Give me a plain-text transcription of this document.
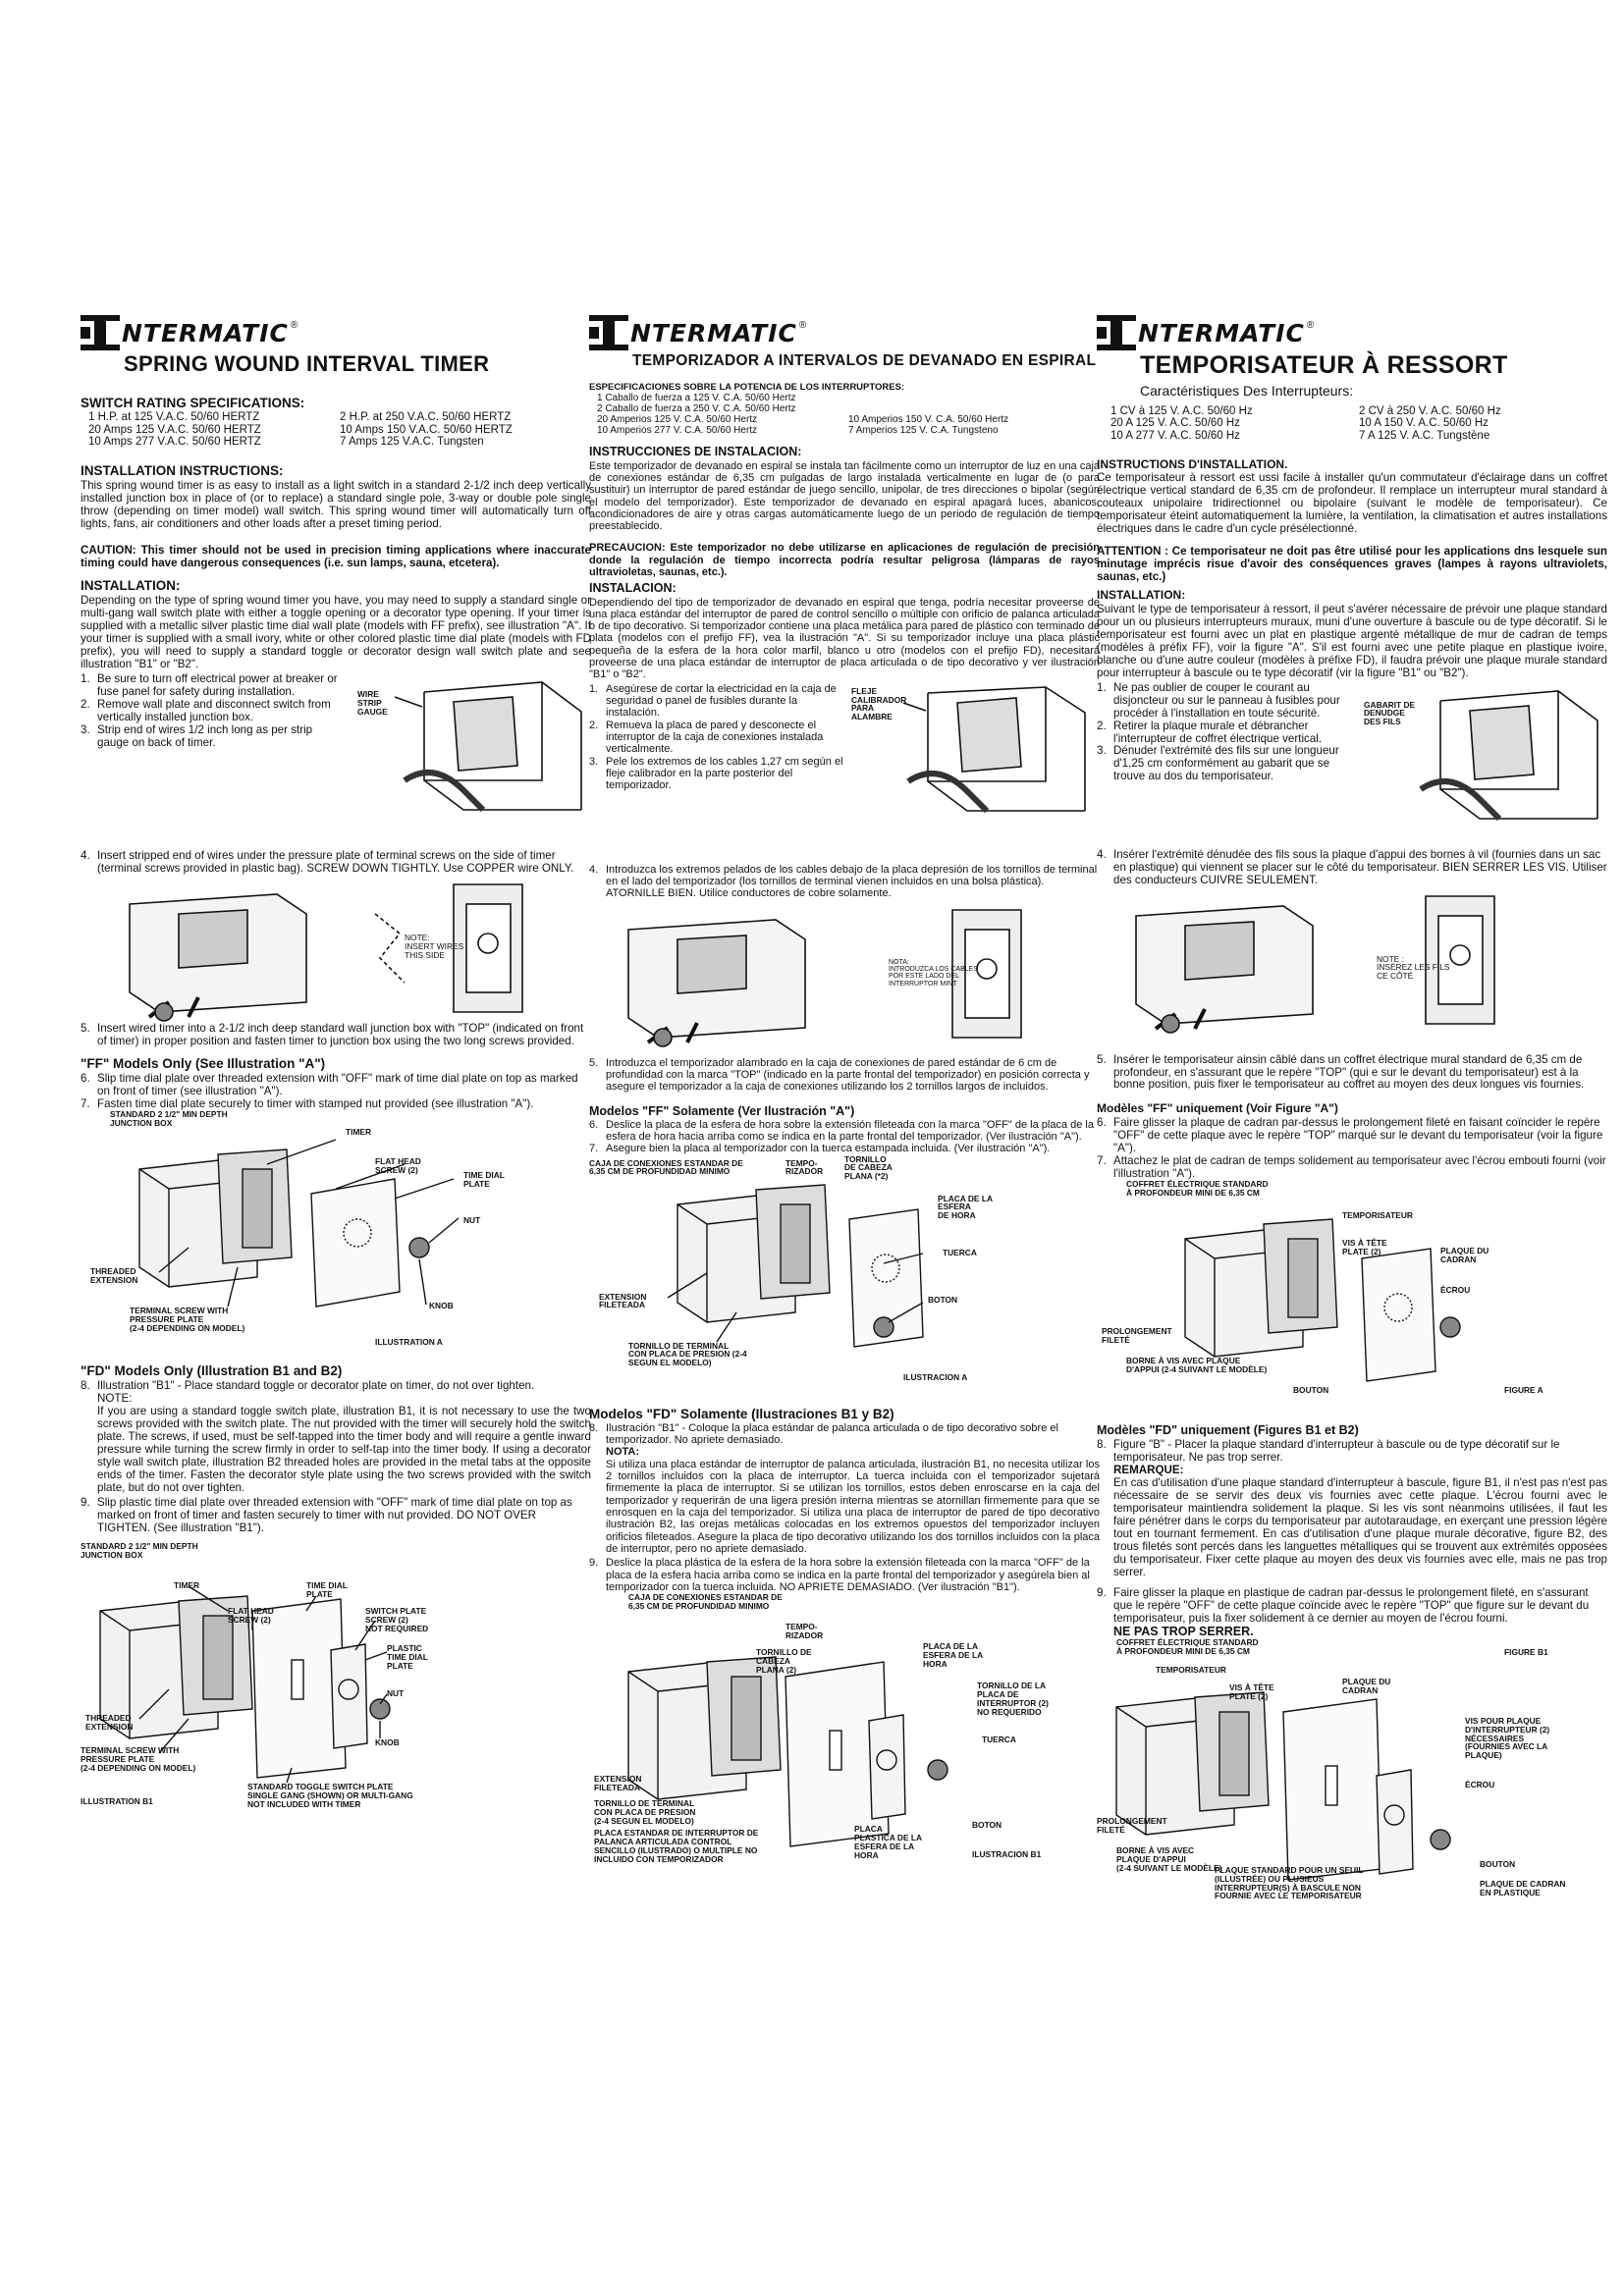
NTERMATIC ®
SPRING WOUND INTERVAL TIMER
SWITCH RATING SPECIFICATIONS:
1 H.P. at 125 V.A.C. 50/60 HERTZ	2 H.P. at 250 V.A.C. 50/60 HERTZ
20 Amps 125 V.A.C. 50/60 HERTZ	10 Amps 150 V.A.C. 50/60 HERTZ
10 Amps 277 V.A.C. 50/60 HERTZ	7 Amps 125 V.A.C. Tungsten
INSTALLATION INSTRUCTIONS:

This spring wound timer is as easy to install as a light switch in a standard 2-1/2 inch deep vertically installed junction box in place of (or to replace) a standard single pole, 3-way or double pole single throw (depending on timer model) wall switch. This spring wound timer will automatically turn off lights, fans, air conditioners and other loads after a preset timing period.

CAUTION: This timer should not be used in precision timing applications where inaccurate timing could have dangerous consequences (i.e. sun lamps, sauna, etcetera).

INSTALLATION:

Depending on the type of spring wound timer you have, you may need to supply a standard single or multi-gang wall switch plate with either a toggle opening or a decorator type opening. If your timer is supplied with a metallic silver plastic time dial wall plate (models with FF prefix), see illustration "A". If your timer is supplied with a small ivory, white or other colored plastic time dial plate (models with FD prefix), you will need to supply a standard toggle or decorator design wall switch plate and see illustration "B1" or "B2".

1. Be sure to turn off electrical power at breaker or fuse panel for safety during installation.
2. Remove wall plate and disconnect switch from vertically installed junction box.
3. Strip end of wires 1/2 inch long as per strip gauge on back of timer.
WIRE
STRIP
GAUGE
4. Insert stripped end of wires under the pressure plate of terminal screws on the side of timer (terminal screws provided in plastic bag). SCREW DOWN TIGHTLY. Use COPPER wire ONLY.
NOTE:
INSERT WIRES
THIS SIDE
5. Insert wired timer into a 2-1/2 inch deep standard wall junction box with "TOP" (indicated on front of timer) in proper position and fasten timer to junction box using the two long screws provided.
"FF" Models Only (See Illustration "A")
6. Slip time dial plate over threaded extension with "OFF" mark of time dial plate on top as marked on front of timer (see illustration "A").
7. Fasten time dial plate securely to timer with stamped nut provided (see illustration "A").
STANDARD 2 1/2" MIN DEPTH
JUNCTION BOX
TIMER
FLAT HEAD
SCREW (2)
TIME DIAL
PLATE
NUT
THREADED
EXTENSION
TERMINAL SCREW WITH
PRESSURE PLATE
(2-4 DEPENDING ON MODEL)
KNOB
ILLUSTRATION A
"FD" Models Only (Illustration B1 and B2)
8. Illustration "B1" - Place standard toggle or decorator plate on timer, do not over tighten.
NOTE:

If you are using a standard toggle switch plate, illustration B1, it is not necessary to use the two screws provided with the switch plate. The nut provided with the timer will securely hold the switch plate. The screws, if used, must be self-tapped into the timer body and will require a gentle inward pressure while turning the screw firmly in order to self-tap into the timer body. If using a decorator style wall switch plate, illustration B2 threaded holes are provided in the metal tabs at the opposite ends of the timer. Fasten the decorator style plate using the two screws provided with the switch plate, but do not over tighten.

9. Slip plastic time dial plate over threaded extension with "OFF" mark of time dial plate on top as marked on front of timer and fasten securely to timer with nut provided. DO NOT OVER TIGHTEN. (See illustration "B1").
STANDARD 2 1/2" MIN DEPTH
JUNCTION BOX
TIMER
FLAT HEAD
SCREW (2)
TIME DIAL
PLATE
SWITCH PLATE
SCREW (2)
NOT REQUIRED
PLASTIC
TIME DIAL
PLATE
NUT
THREADED
EXTENSION
TERMINAL SCREW WITH
PRESSURE PLATE
(2-4 DEPENDING ON MODEL)
KNOB
STANDARD TOGGLE SWITCH PLATE
SINGLE GANG (SHOWN) OR MULTI-GANG
NOT INCLUDED WITH TIMER
ILLUSTRATION B1
NTERMATIC ®
TEMPORIZADOR A INTERVALOS DE DEVANADO EN ESPIRAL
ESPECIFICACIONES SOBRE LA POTENCIA DE LOS INTERRUPTORES:
1 Caballo de fuerza a 125 V. C.A. 50/60 Hertz
2 Caballo de fuerza a 250 V. C.A. 50/60 Hertz
20 Amperios 125 V. C.A. 50/60 Hertz	10 Amperios 150 V. C.A. 50/60 Hertz
10 Amperios 277 V. C.A. 50/60 Hertz	7 Amperios 125 V. C.A. Tungsteno
INSTRUCCIONES DE INSTALACION:

Este temporizador de devanado en espiral se instala tan fácilmente como un interruptor de luz en una caja de conexiones estándar de 6,35 cm pulgadas de largo instalada verticalmente en lugar de (o para sustituir) un interruptor de pared estándar de juego sencillo, unipolar, de tres direcciones o bipolar (según el modelo del temporizador). Este temporizador de devanado en espiral apagará luces, abanicos, acondicionadores de aire y otras cargas automáticamente luego de un periodo de regulación de tiempo preestablecido.

PRECAUCION: Este temporizador no debe utilizarse en aplicaciones de regulación de precisión donde la regulación de tiempo incorrecta podría resultar peligrosa (lámparas de rayos ultravioletas, saunas, etc.).

INSTALACION:

Dependiendo del tipo de temporizador de devanado en espiral que tenga, podría necesitar proveerse de una placa estándar del interruptor de pared de control sencillo o múltiple con orificio de palanca articulada o de tipo decorativo. Si temporizador contiene una placa metálica para pared de plástico con terminado de plata (modelos con el prefijo FF), vea la ilustración "A". Si su temporizador incluye una placa plástic pequeña de la esfera de la hora color marfil, blanco u otro (modelos con el prefijo FD), necesitará proveerse de una placa estándar de interruptor de placa articulada o de tipo decorativo y ver ilustración "B1" o "B2".

1. Asegúrese de cortar la electricidad en la caja de seguridad o panel de fusibles durante la instalación.
2. Remueva la placa de pared y desconecte el interruptor de la caja de conexiones instalada verticalmente.
3. Pele los extremos de los cables 1,27 cm según el fleje calibrador en la parte posterior del temporizador.
FLEJE
CALIBRADOR
PARA
ALAMBRE
4. Introduzca los extremos pelados de los cables debajo de la placa depresión de los tornillos de terminal en el lado del temporizador (los tornillos de terminal vienen incluidos en una bolsa plástica). ATORNILLE BIEN. Utilice conductores de cobre solamente.
NOTA:
INTRODUZCA LOS CABLES
POR ESTE LADO DEL
INTERRUPTOR MINT
5. Introduzca el temporizador alambrado en la caja de conexiones de pared estándar de 6 cm de profundidad con la marca "TOP" (indicado en la parte frontal del temporizador) en posición correcta y asegure el temporizador a la caja de conexiones utilizando los 2 tornillos largos de incluidos.
Modelos "FF" Solamente (Ver Ilustración "A")
6. Deslice la placa de la esfera de hora sobre la extensión fileteada con la marca "OFF" de la placa de la esfera de hora hacia arriba como se indica en la parte frontal del temporizador. (Ver ilustración "A").
7. Asegure bien la placa al temporizador con la tuerca estampada incluida. (Ver ilustración "A").
CAJA DE CONEXIONES ESTANDAR DE
6,35 CM DE PROFUNDIDAD MINIMO
TEMPO-
RIZADOR
TORNILLO
DE CABEZA
PLANA (*2)
PLACA DE LA
ESFERA
DE HORA
TUERCA
EXTENSION
FILETEADA
TORNILLO DE TERMINAL
CON PLACA DE PRESION (2-4
SEGUN EL MODELO)
BOTON
ILUSTRACION A
Modelos "FD" Solamente (Ilustraciones B1 y B2)
8. Ilustración "B1" - Coloque la placa estándar de palanca articulada o de tipo decorativo sobre el temporizador. No apriete demasiado.
NOTA:

Si utiliza una placa estándar de interruptor de palanca articulada, ilustración B1, no necesita utilizar los 2 tornillos incluidos con la placa de interruptor. La tuerca incluida con el temporizador sujetará firmemente la placa de interruptor. Si se utilizan los tornillos, estos deben enroscarse en la caja del temporizador y requerirán de una ligera presión interna mientras se atornillan firmemente para que se enrosquen en la caja del temporizador. Si utiliza una placa de interruptor de pared de tipo decorativo ilustración B2, las orejas metálicas colocadas en los extremos opuestos del temporizador incluyen orificios fileteados. Asegure la placa de tipo decorativo utilizando los dos tornillos incluidos con la placa de interruptor, pero no apriete demasiado.

9. Deslice la placa plástica de la esfera de la hora sobre la extensión fileteada con la marca "OFF" de la placa de la esfera hacia arriba como se indica en la parte frontal del temporizador y asegúrela bien al temporizador con la tuerca incluida. NO APRIETE DEMASIADO. (Ver ilustración "B1").
CAJA DE CONEXIONES ESTANDAR DE
6,35 CM DE PROFUNDIDAD MINIMO
TEMPO-
RIZADOR
TORNILLO DE
CABEZA
PLANA (2)
PLACA DE LA
ESFERA DE LA
HORA
TORNILLO DE LA
PLACA DE
INTERRUPTOR (2)
NO REQUERIDO
TUERCA
EXTENSION
FILETEADA
TORNILLO DE TERMINAL
CON PLACA DE PRESION
(2-4 SEGUN EL MODELO)	BOTON
PLACA ESTANDAR DE INTERRUPTOR DE
PALANCA ARTICULADA CONTROL
SENCILLO (ILUSTRADO) O MULTIPLE NO
INCLUIDO CON TEMPORIZADOR
PLACA
PLASTICA DE LA
ESFERA DE LA
HORA	ILUSTRACION B1
NTERMATIC ®
TEMPORISATEUR À RESSORT
Caractéristiques Des Interrupteurs:
1 CV à 125 V. A.C. 50/60 Hz	2 CV à 250 V. A.C. 50/60 Hz
20 A 125 V. A.C. 50/60 Hz	10 A 150 V. A.C. 50/60 Hz
10 A 277 V. A.C. 50/60 Hz	7 A 125 V. A.C. Tungstène
INSTRUCTIONS D'INSTALLATION.

Ce temporisateur à ressort est ussi facile à installer qu'un commutateur d'éclairage dans un coffret électrique vertical standard de 6,35 cm de profondeur. Il remplace un interrupteur mural standard à couteaux unipolaire tridirectionnel ou bipolaire (suivant le modèle de temporisateur). Ce temporisateur éteint automatiquement la lumière, la ventilation, la climatisation et autres installations électriques dans le cadre d'un cycle présélectionné.

ATTENTION : Ce temporisateur ne doit pas être utilisé pour les applications dns lesquele sun minutage imprécis risue d'avoir des conséquences graves (lampes à rayons ultraviolets, saunas, etc.)

INSTALLATION:

Suivant le type de temporisateur à ressort, il peut s'avérer nécessaire de prévoir une plaque standard pour un ou plusieurs interrupteurs muraux, muni d'une ouverture à bascule ou de type décoratif. Si le temporisateur est fourni avec un plat en plastique argenté métallique de mur de cadran de temps (modèles à préfix FF), voir la figure "A". S'il est fourni avec une petite plaque en plastique ivoire, blanche ou d'une autre couleur (modèles à préfixe FD), il faudra prévoir une plaque murale standard pour interrupteur à bascule ou te type décoratif (vir la figure "B1" ou "B2").

1. Ne pas oublier de couper le courant au disjoncteur ou sur le panneau à fusibles pour procéder à l'installation en toute sécurité.
2. Retirer la plaque murale et débrancher l'interrupteur de coffret électrique vertical.
3. Dénuder l'extrémité des fils sur une longueur d'1,25 cm conformément au gabarit que se trouve au dos du temporisateur.
GABARIT DE
DENUDGE
DES FILS
4. Insérer l'extrémité dénudée des fils sous la plaque d'appui des bornes à vil (fournies dans un sac en plastique) qui viennent se placer sur le côté du temporisateur. BIEN SERRER LES VIS. Utiliser des conducteurs CUIVRE SEULEMENT.
NOTE :
INSÉREZ LES FILS
CE CÔTÉ
5. Insérer le temporisateur ainsin câblé dans un coffret électrique mural standard de 6,35 cm de profondeur, en s'assurant que le repère "TOP" (qui e sur le devant du temporisateur) est à la bonne position, puis fixer le temporisateur au coffret au moyen des deux longues vis fournies.
Modèles "FF" uniquement (Voir Figure "A")
6. Faire glisser la plaque de cadran par-dessus le prolongement fileté en faisant coïncider le repère "OFF" de cette plaque avec le repère "TOP" marqué sur le devant du temporisateur (voir la figure "A").
7. Attachez le plat de cadran de temps solidement au temporisateur avec l'écrou embouti fourni (voir l'illustration "A").
COFFRET ÉLECTRIQUE STANDARD
À PROFONDEUR MINI DE 6,35 CM
TEMPORISATEUR
VIS À TÊTE
PLATE (2)	PLAQUE DU
CADRAN
ÉCROU
PROLONGEMENT
FILETÉ
BORNE À VIS AVEC PLAQUE
D'APPUI (2-4 SUIVANT LE MODÈLE)
BOUTON	FIGURE A
Modèles "FD" uniquement (Figures B1 et B2)
8. Figure "B" - Placer la plaque standard d'interrupteur à bascule ou de type décoratif sur le temporisateur. Ne pas trop serrer.
REMARQUE:

En cas d'utilisation d'une plaque standard d'interrupteur à bascule, figure B1, il n'est pas n'est pas nécessaire de se servir des deux vis fournies avec cette plaque. L'écrou fourni avec le temporisateur maintiendra solidement la plaque. Si les vis sont néanmoins utilisées, il faut les faire pénétrer dans le corps du temporisateur par autotaraudage, en exerçant une pression légère tout en tournant fermement. En cas d'utilisation d'une plaque murale décorative, figure B2, des trous filetés sont percés dans les languettes métalliques qui se trouvent aux extrémités opposées du temporisateur. Fixer cette plaque au moyen des deux vis fournies avec elle, mais ne pas trop serrer.

9. Faire glisser la plaque en plastique de cadran par-dessus le prolongement fileté, en s'assurant que le repère "OFF" de cette plaque coïncide avec le repère "TOP" que figure sur le devant du temporisateur, puis la fixer solidement à ce dernier au moyen de l'écrou fourni.
NE PAS TROP SERRER.
COFFRET ÉLECTRIQUE STANDARD
À PROFONDEUR MINI DE 6,35 CM
TEMPORISATEUR
VIS À TÊTE
PLATE (2)
PLAQUE DU
CADRAN
VIS POUR PLAQUE
D'INTERRUPTEUR (2)
NÉCESSAIRES
(FOURNIES AVEC LA
PLAQUE)
ÉCROU
PROLONGEMENT
FILETÉ
BORNE À VIS AVEC
PLAQUE D'APPUI
(2-4 SUIVANT LE MODÈLE)
PLAQUE STANDARD POUR UN SEUIL
(ILLUSTRÉE) OU PLUSIEUS
INTERRUPTEUR(S) À BASCULE NON
FOURNIE AVEC LE TEMPORISATEUR
BOUTON
PLAQUE DE CADRAN
EN PLASTIQUE
FIGURE B1
